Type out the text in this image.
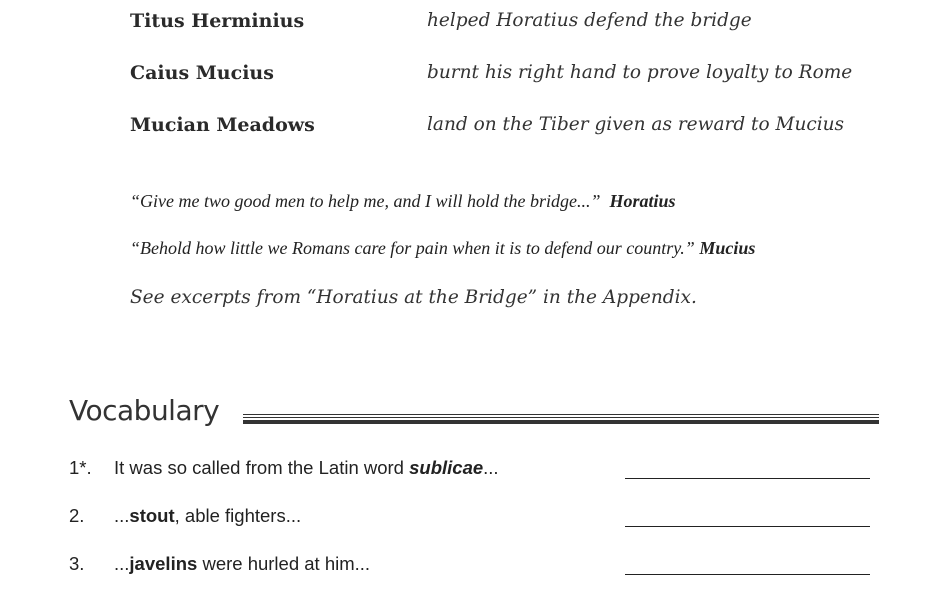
Titus Herminius	helped Horatius defend the bridge
Caius Mucius	burnt his right hand to prove loyalty to Rome
Mucian Meadows	land on the Tiber given as reward to Mucius
“Give me two good men to help me, and I will hold the bridge...” Horatius
“Behold how little we Romans care for pain when it is to defend our country.” Mucius
See excerpts from “Horatius at the Bridge” in the Appendix.
Vocabulary
1*. It was so called from the Latin word sublicae...
2. ...stout, able fighters...
3. ...javelins were hurled at him...
